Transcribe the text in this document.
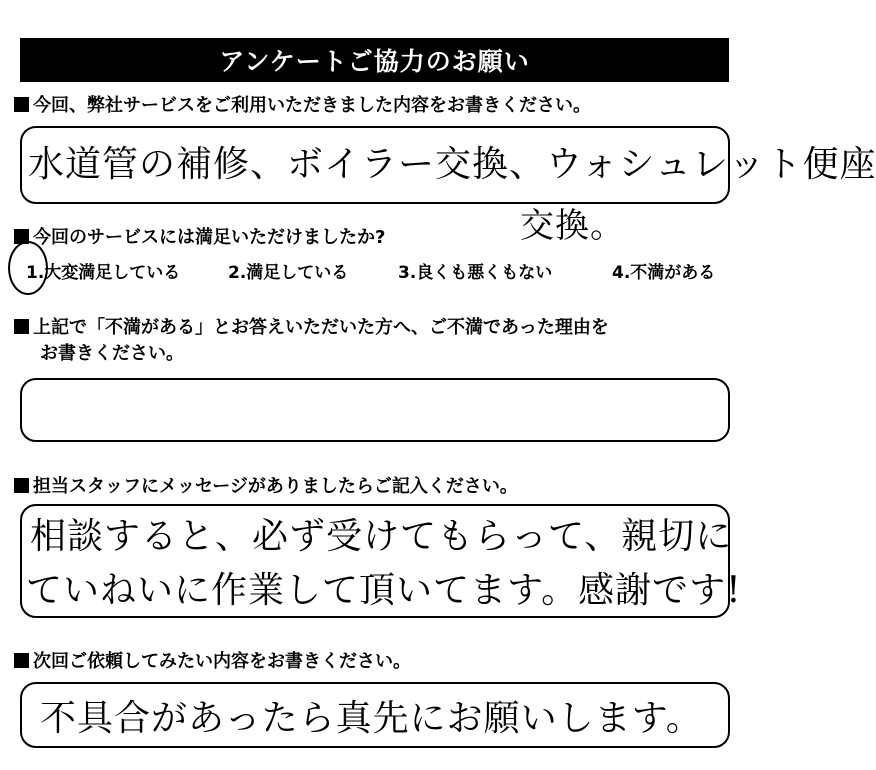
アンケートご協力のお願い
今回、弊社サービスをご利用いただきました内容をお書きください。
水道管の補修、ボイラー交換、ウォシュレット便座
交換。
今回のサービスには満足いただけましたか?
1.大変満足している	2.満足している	3.良くも悪くもない	4.不満がある
上記で「不満がある」とお答えいただいた方へ、ご不満であった理由を
お書きください。
担当スタッフにメッセージがありましたらご記入ください。
相談すると、必ず受けてもらって、親切に
ていねいに作業して頂いてます。感謝です!
次回ご依頼してみたい内容をお書きください。
不具合があったら真先にお願いします。
